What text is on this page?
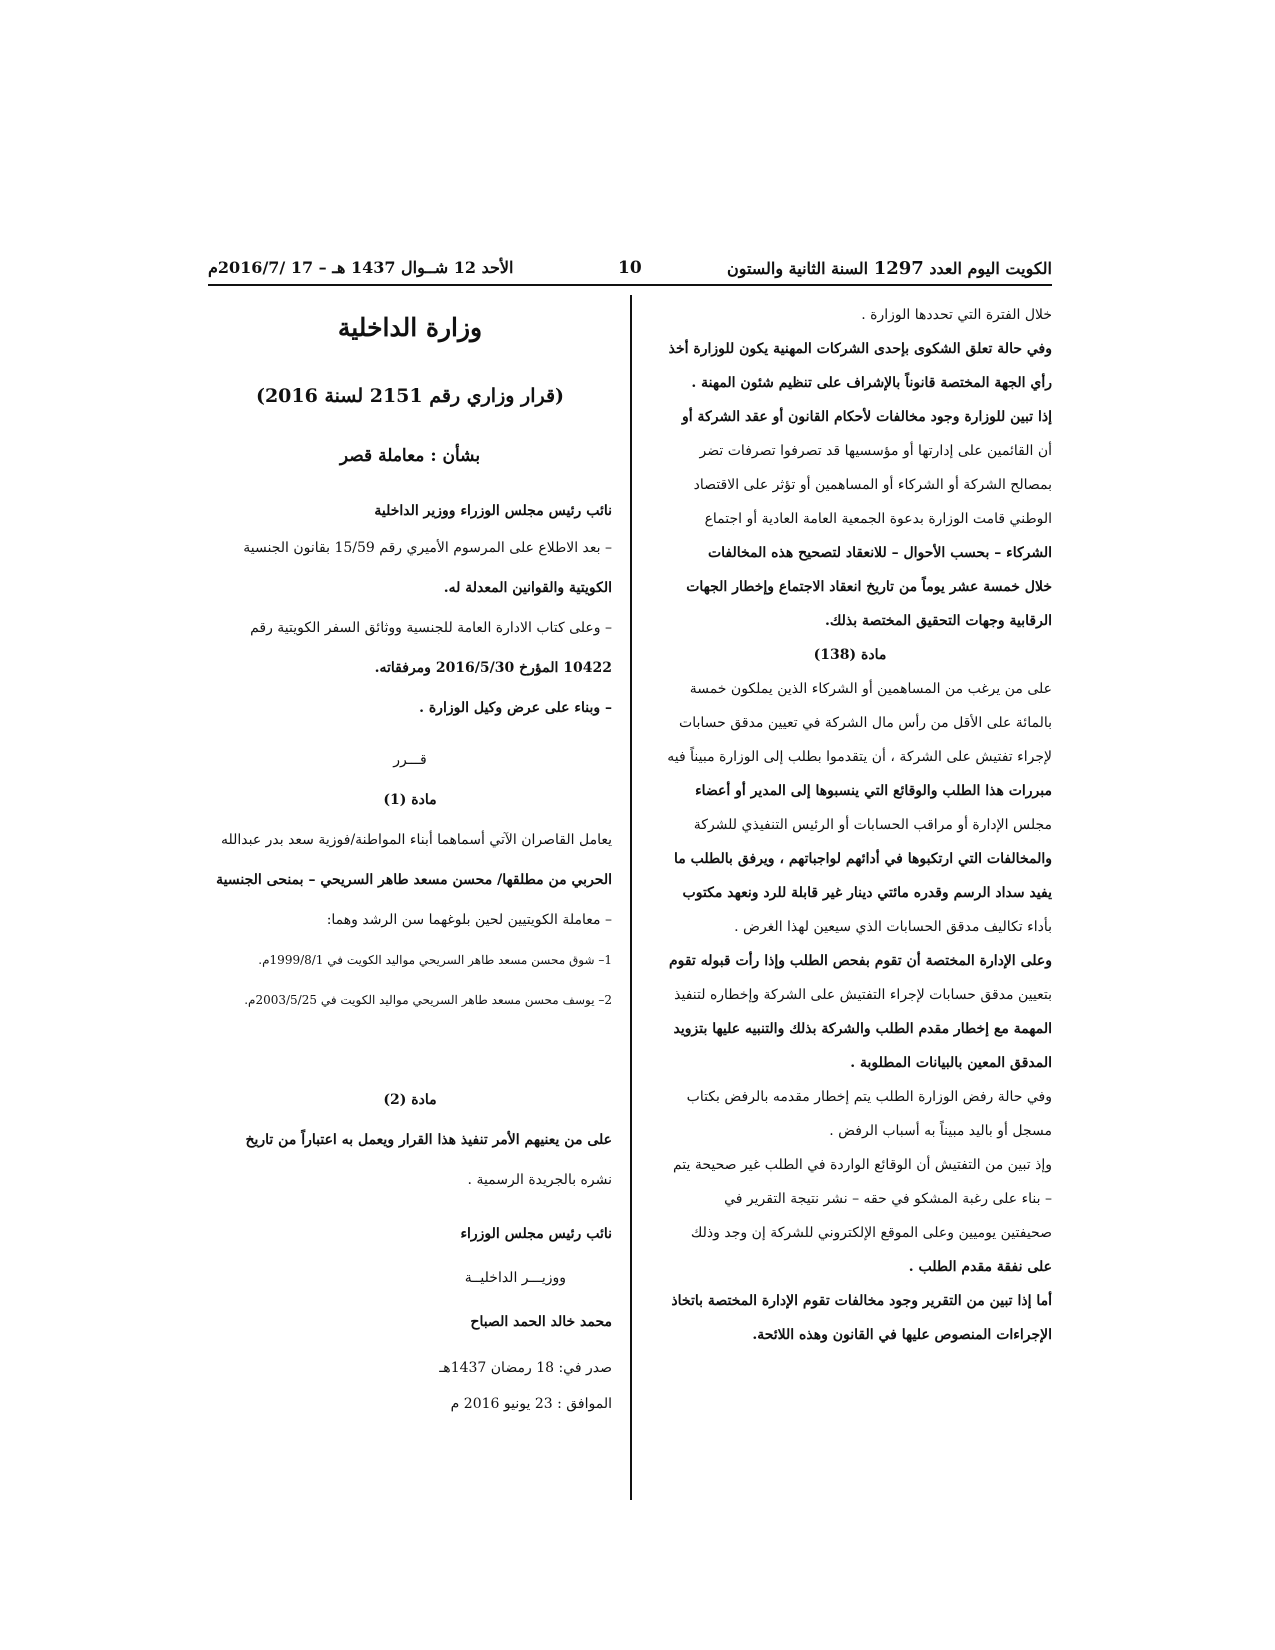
الكويت اليوم العدد 1297 السنة الثانية والستون
10
الأحد 12 شــوال 1437 هـ – 17 /2016/7م
خلال الفترة التي تحددها الوزارة .
وفي حالة تعلق الشكوى بإحدى الشركات المهنية يكون للوزارة أخذ
رأي الجهة المختصة قانوناً بالإشراف على تنظيم شئون المهنة .
إذا تبين للوزارة وجود مخالفات لأحكام القانون أو عقد الشركة أو
أن القائمين على إدارتها أو مؤسسيها قد تصرفوا تصرفات تضر
بمصالح الشركة أو الشركاء أو المساهمين أو تؤثر على الاقتصاد
الوطني قامت الوزارة بدعوة الجمعية العامة العادية أو اجتماع
الشركاء – بحسب الأحوال – للانعقاد لتصحيح هذه المخالفات
خلال خمسة عشر يوماً من تاريخ انعقاد الاجتماع وإخطار الجهات
الرقابية وجهات التحقيق المختصة بذلك.
مادة (138)
على من يرغب من المساهمين أو الشركاء الذين يملكون خمسة
بالمائة على الأقل من رأس مال الشركة في تعيين مدقق حسابات
لإجراء تفتيش على الشركة ، أن يتقدموا بطلب إلى الوزارة مبيناً فيه
مبررات هذا الطلب والوقائع التي ينسبوها إلى المدير أو أعضاء
مجلس الإدارة أو مراقب الحسابات أو الرئيس التنفيذي للشركة
والمخالفات التي ارتكبوها في أدائهم لواجباتهم ، ويرفق بالطلب ما
يفيد سداد الرسم وقدره مائتي دينار غير قابلة للرد ونعهد مكتوب
بأداء تكاليف مدقق الحسابات الذي سيعين لهذا الغرض .
وعلى الإدارة المختصة أن تقوم بفحص الطلب وإذا رأت قبوله تقوم
بتعيين مدقق حسابات لإجراء التفتيش على الشركة وإخطاره لتنفيذ
المهمة مع إخطار مقدم الطلب والشركة بذلك والتنبيه عليها بتزويد
المدقق المعين بالبيانات المطلوبة .
وفي حالة رفض الوزارة الطلب يتم إخطار مقدمه بالرفض بكتاب
مسجل أو باليد مبيناً به أسباب الرفض .
وإذ تبين من التفتيش أن الوقائع الواردة في الطلب غير صحيحة يتم
– بناء على رغبة المشكو في حقه – نشر نتيجة التقرير في
صحيفتين يوميين وعلى الموقع الإلكتروني للشركة إن وجد وذلك
على نفقة مقدم الطلب .
أما إذا تبين من التقرير وجود مخالفات تقوم الإدارة المختصة باتخاذ
الإجراءات المنصوص عليها في القانون وهذه اللائحة.
وزارة الداخلية
(قرار وزاري رقم 2151 لسنة 2016)
بشأن : معاملة قصر
نائب رئيس مجلس الوزراء ووزير الداخلية
– بعد الاطلاع على المرسوم الأميري رقم 15/59 بقانون الجنسية
الكويتية والقوانين المعدلة له.
– وعلى كتاب الادارة العامة للجنسية ووثائق السفر الكويتية رقم
10422 المؤرخ 2016/5/30 ومرفقاته.
– وبناء على عرض وكيل الوزارة .
قـــرر
مادة (1)
يعامل القاصران الآتي أسماهما أبناء المواطنة/فوزية سعد بدر عبدالله
الحربي من مطلقها/ محسن مسعد طاهر السريحي – بمنحى الجنسية
– معاملة الكويتيين لحين بلوغهما سن الرشد وهما:
1– شوق محسن مسعد طاهر السريحي مواليد الكويت في 1999/8/1م.
2– يوسف محسن مسعد طاهر السريحي مواليد الكويت في 2003/5/25م.
مادة (2)
على من يعنيهم الأمر تنفيذ هذا القرار ويعمل به اعتباراً من تاريخ
نشره بالجريدة الرسمية .
نائب رئيس مجلس الوزراء
ووزيـــر الداخليــة
محمد خالد الحمد الصباح
صدر في: 18 رمضان 1437هـ
الموافق : 23 يونيو 2016 م
